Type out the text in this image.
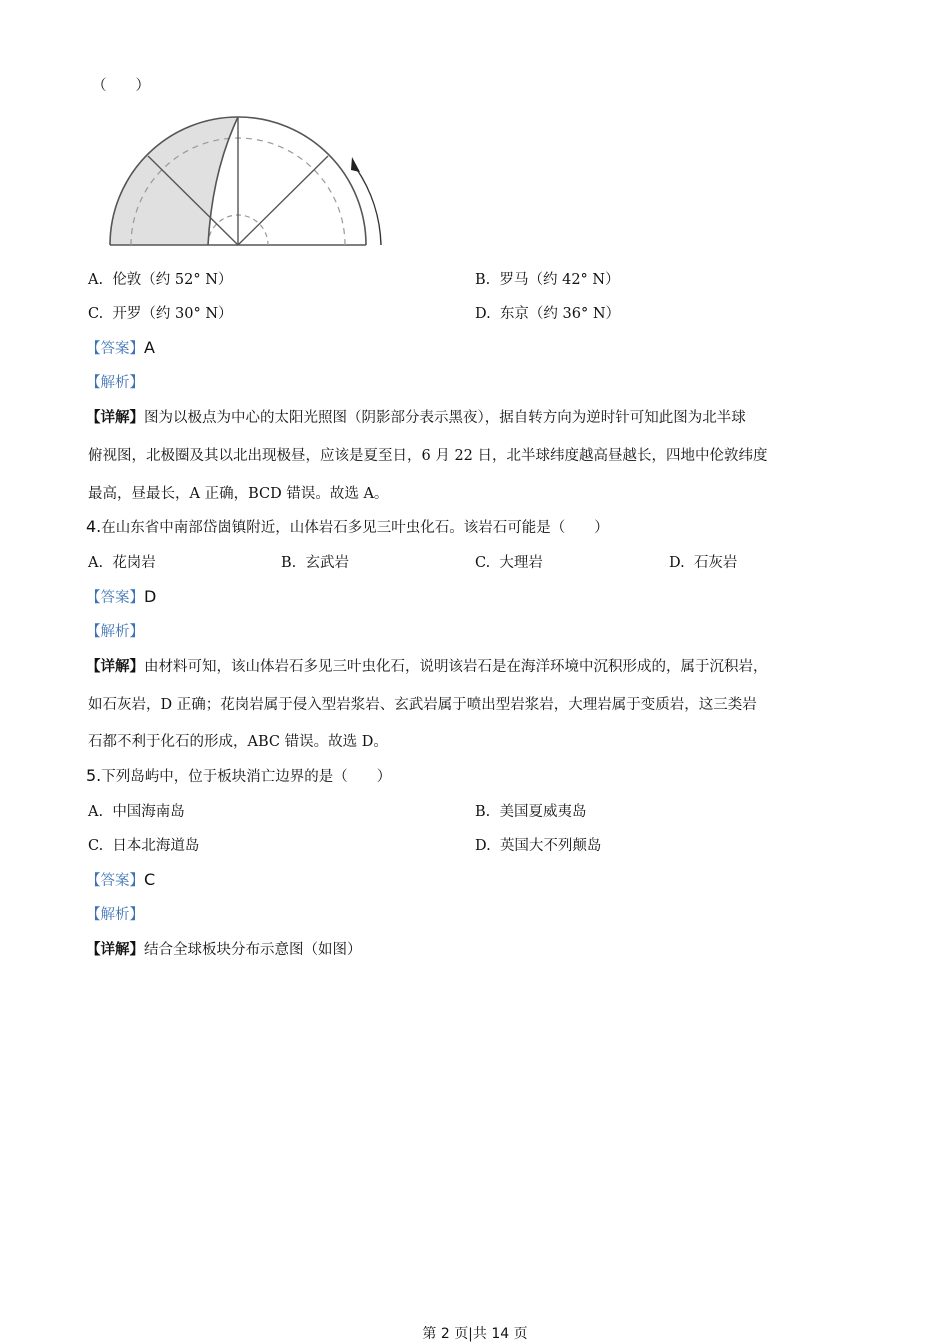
（　　）
A. 伦敦（约 52° N）	B. 罗马（约 42° N）
C. 开罗（约 30° N）	D. 东京（约 36° N）
【答案】A
【解析】
【详解】图为以极点为中心的太阳光照图（阴影部分表示黑夜），据自转方向为逆时针可知此图为北半球
俯视图，北极圈及其以北出现极昼，应该是夏至日，6 月 22 日，北半球纬度越高昼越长，四地中伦敦纬度
最高，昼最长，A 正确，BCD 错误。故选 A。
4.在山东省中南部岱崮镇附近，山体岩石多见三叶虫化石。该岩石可能是（　　）
A. 花岗岩	B. 玄武岩	C. 大理岩	D. 石灰岩
【答案】D
【解析】
【详解】由材料可知，该山体岩石多见三叶虫化石，说明该岩石是在海洋环境中沉积形成的，属于沉积岩，
如石灰岩，D 正确；花岗岩属于侵入型岩浆岩、玄武岩属于喷出型岩浆岩，大理岩属于变质岩，这三类岩
石都不利于化石的形成，ABC 错误。故选 D。
5.下列岛屿中，位于板块消亡边界的是（　　）
A. 中国海南岛	B. 美国夏威夷岛
C. 日本北海道岛	D. 英国大不列颠岛
【答案】C
【解析】
【详解】结合全球板块分布示意图（如图）
第 2 页|共 14 页
